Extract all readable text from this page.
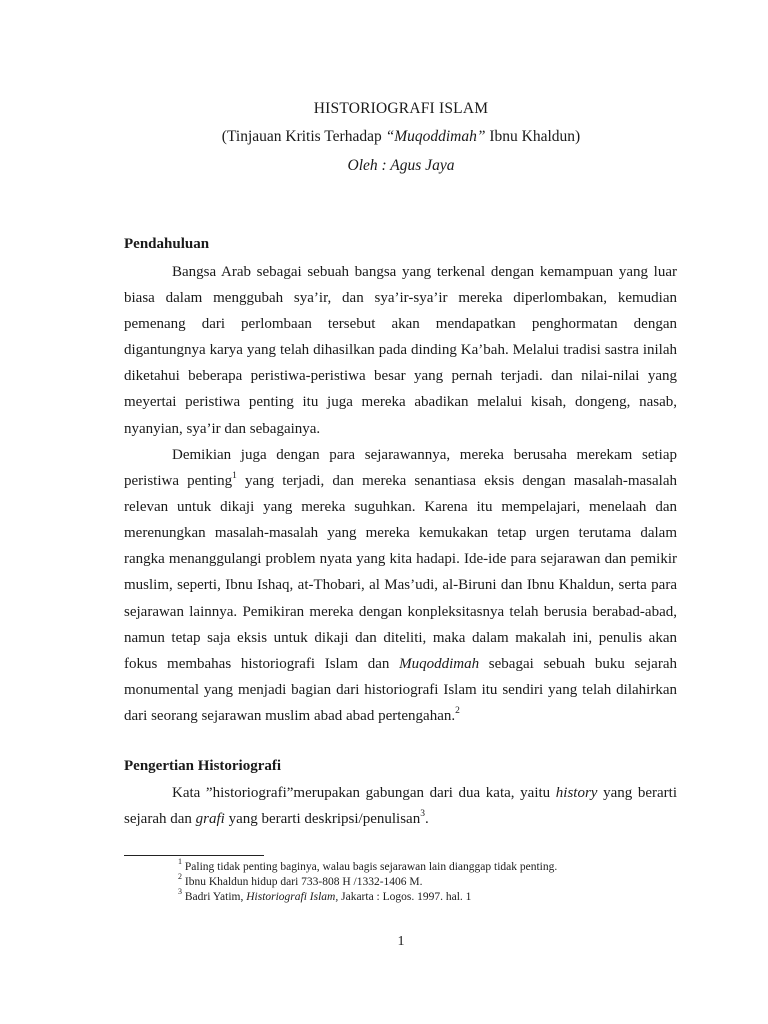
HISTORIOGRAFI ISLAM
(Tinjauan Kritis Terhadap “Muqoddimah” Ibnu Khaldun)
Oleh : Agus Jaya
Pendahuluan
Bangsa Arab sebagai sebuah bangsa yang terkenal dengan kemampuan yang luar
biasa dalam menggubah sya’ir, dan sya’ir-sya’ir mereka diperlombakan, kemudian
pemenang dari perlombaan tersebut akan mendapatkan penghormatan dengan
digantungnya karya yang telah dihasilkan pada dinding Ka’bah. Melalui tradisi sastra inilah
diketahui beberapa peristiwa-peristiwa besar yang pernah terjadi. dan nilai-nilai yang
meyertai peristiwa penting itu juga mereka abadikan melalui kisah, dongeng, nasab,
nyanyian, sya’ir dan sebagainya.
Demikian juga dengan para sejarawannya, mereka berusaha merekam setiap
peristiwa penting$^1$ yang terjadi, dan mereka senantiasa eksis dengan masalah-masalah
relevan untuk dikaji yang mereka suguhkan. Karena itu mempelajari, menelaah dan
merenungkan masalah-masalah yang mereka kemukakan tetap urgen terutama dalam
rangka menanggulangi problem nyata yang kita hadapi. Ide-ide para sejarawan dan pemikir
muslim, seperti, Ibnu Ishaq, at-Thobari, al Mas’udi, al-Biruni dan Ibnu Khaldun, serta para
sejarawan lainnya. Pemikiran mereka dengan konpleksitasnya telah berusia berabad-abad,
namun tetap saja eksis untuk dikaji dan diteliti, maka dalam makalah ini, penulis akan
fokus membahas historiografi Islam dan Muqoddimah sebagai sebuah buku sejarah
monumental yang menjadi bagian dari historiografi Islam itu sendiri yang telah dilahirkan
dari seorang sejarawan muslim abad abad pertengahan.$^2$
Pengertian Historiografi
Kata ”historiografi”merupakan gabungan dari dua kata, yaitu history yang berarti
sejarah dan grafi yang berarti deskripsi/penulisan$^3$.
$^1$ Paling tidak penting baginya, walau bagis sejarawan lain dianggap tidak penting.
$^2$ Ibnu Khaldun hidup dari 733-808 H /1332-1406 M.
$^3$ Badri Yatim, Historiografi Islam, Jakarta : Logos. 1997. hal. 1
1
